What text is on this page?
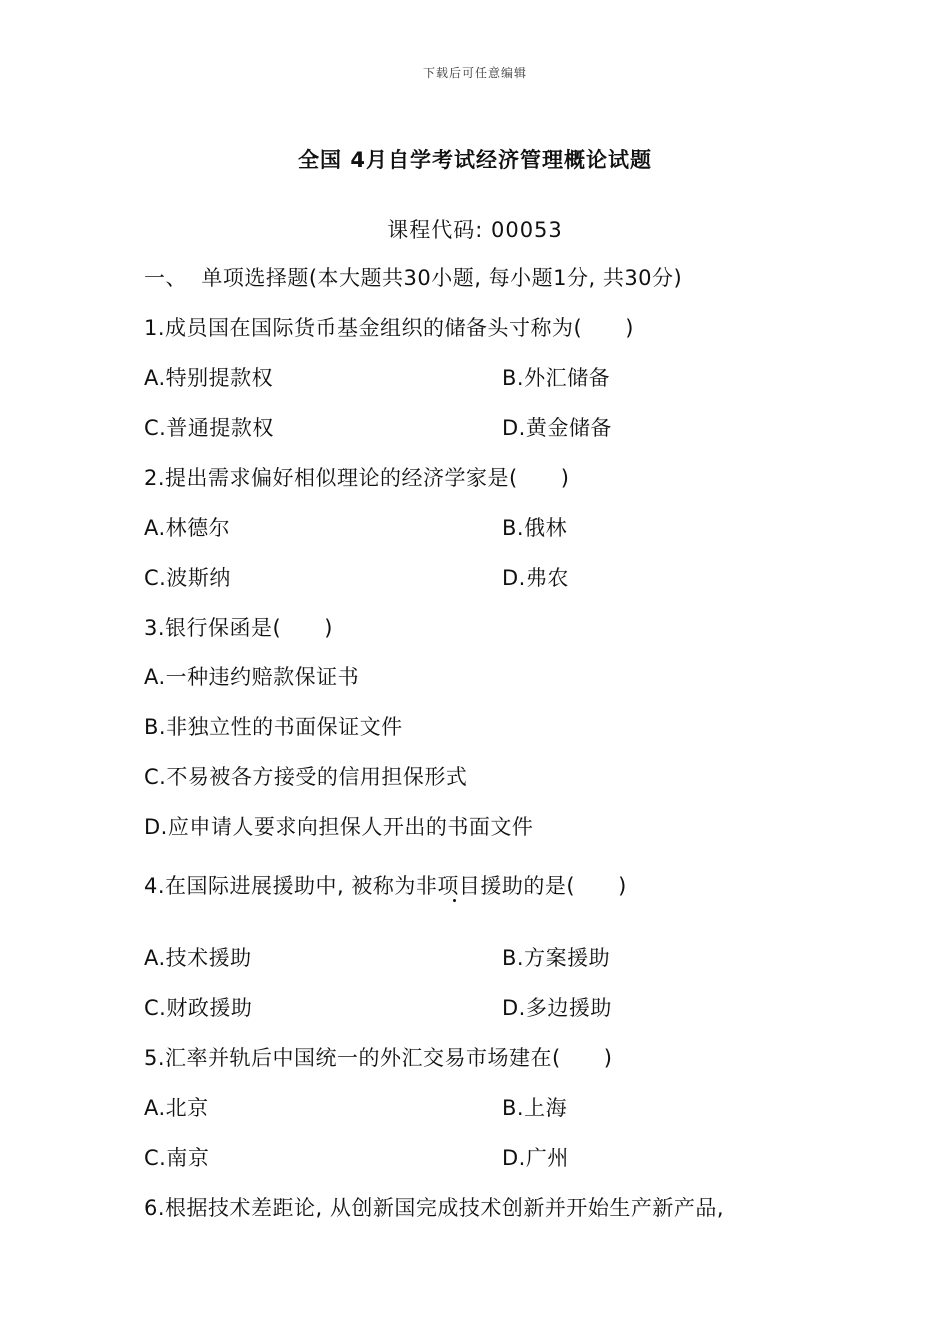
下载后可任意编辑
全国 4月自学考试经济管理概论试题
课程代码: 00053
一、  单项选择题(本大题共30小题, 每小题1分, 共30分)
1.成员国在国际货币基金组织的储备头寸称为(      )
A.特别提款权	B.外汇储备
C.普通提款权	D.黄金储备
2.提出需求偏好相似理论的经济学家是(      )
A.林德尔	B.俄林
C.波斯纳	D.弗农
3.银行保函是(      )
A.一种违约赔款保证书
B.非独立性的书面保证文件
C.不易被各方接受的信用担保形式
D.应申请人要求向担保人开出的书面文件
4.在国际进展援助中, 被称为非项目援助的是(      )
A.技术援助	B.方案援助
C.财政援助	D.多边援助
5.汇率并轨后中国统一的外汇交易市场建在(      )
A.北京	B.上海
C.南京	D.广州
6.根据技术差距论, 从创新国完成技术创新并开始生产新产品,
